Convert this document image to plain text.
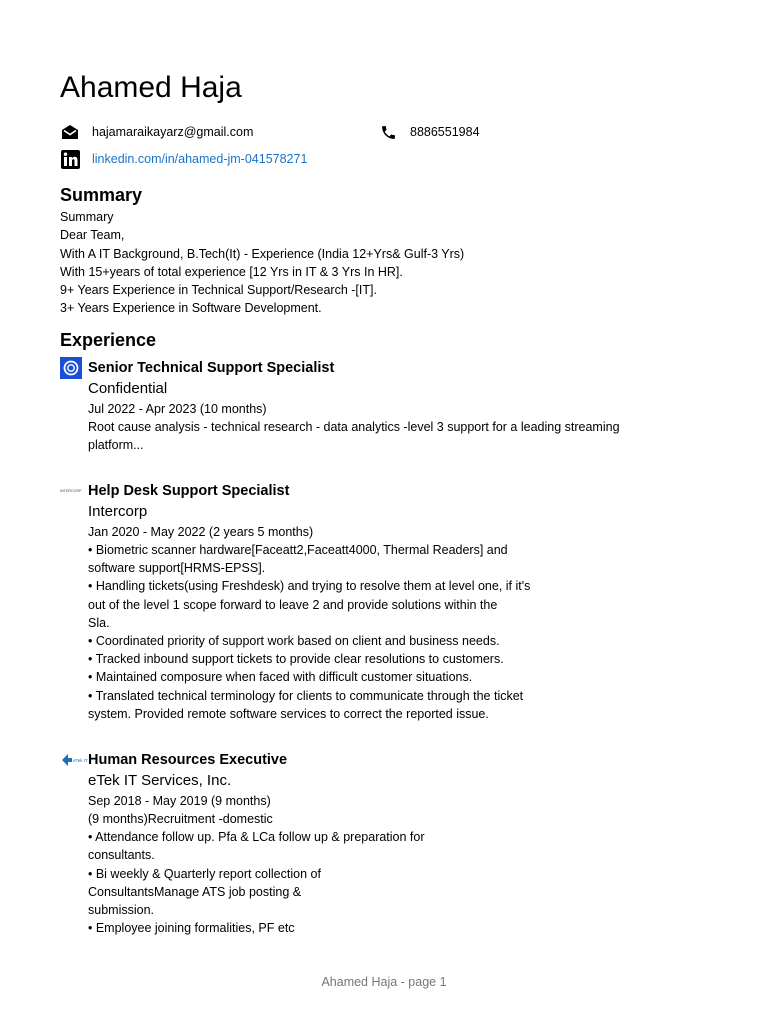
Ahamed Haja
hajamaraikayarz@gmail.com	8886551984
linkedin.com/in/ahamed-jm-041578271
Summary
Summary
Dear Team,
With A IT Background, B.Tech(It) - Experience (India 12+Yrs& Gulf-3 Yrs)
With 15+years of total experience [12 Yrs in IT & 3 Yrs In HR].
9+ Years Experience in Technical Support/Research -[IT].
3+ Years Experience in Software Development.
Experience
Senior Technical Support Specialist
Confidential
Jul 2022 - Apr 2023 (10 months)
Root cause analysis - technical research - data analytics -level 3 support for a leading streaming
platform...
INTERCORP Help Desk Support Specialist
Intercorp
Jan 2020 - May 2022 (2 years 5 months)
• Biometric scanner hardware[Faceatt2,Faceatt4000, Thermal Readers] and
software support[HRMS-EPSS].
• Handling tickets(using Freshdesk) and trying to resolve them at level one, if it's
out of the level 1 scope forward to leave 2 and provide solutions within the
Sla.
• Coordinated priority of support work based on client and business needs.
• Tracked inbound support tickets to provide clear resolutions to customers.
• Maintained composure when faced with difficult customer situations.
• Translated technical terminology for clients to communicate through the ticket
system. Provided remote software services to correct the reported issue.
eTek IT Human Resources Executive
eTek IT Services, Inc.
Sep 2018 - May 2019 (9 months)
(9 months)Recruitment -domestic
• Attendance follow up. Pfa & LCa follow up & preparation for
consultants.
• Bi weekly & Quarterly report collection of
ConsultantsManage ATS job posting &
submission.
• Employee joining formalities, PF etc
Ahamed Haja - page 1
